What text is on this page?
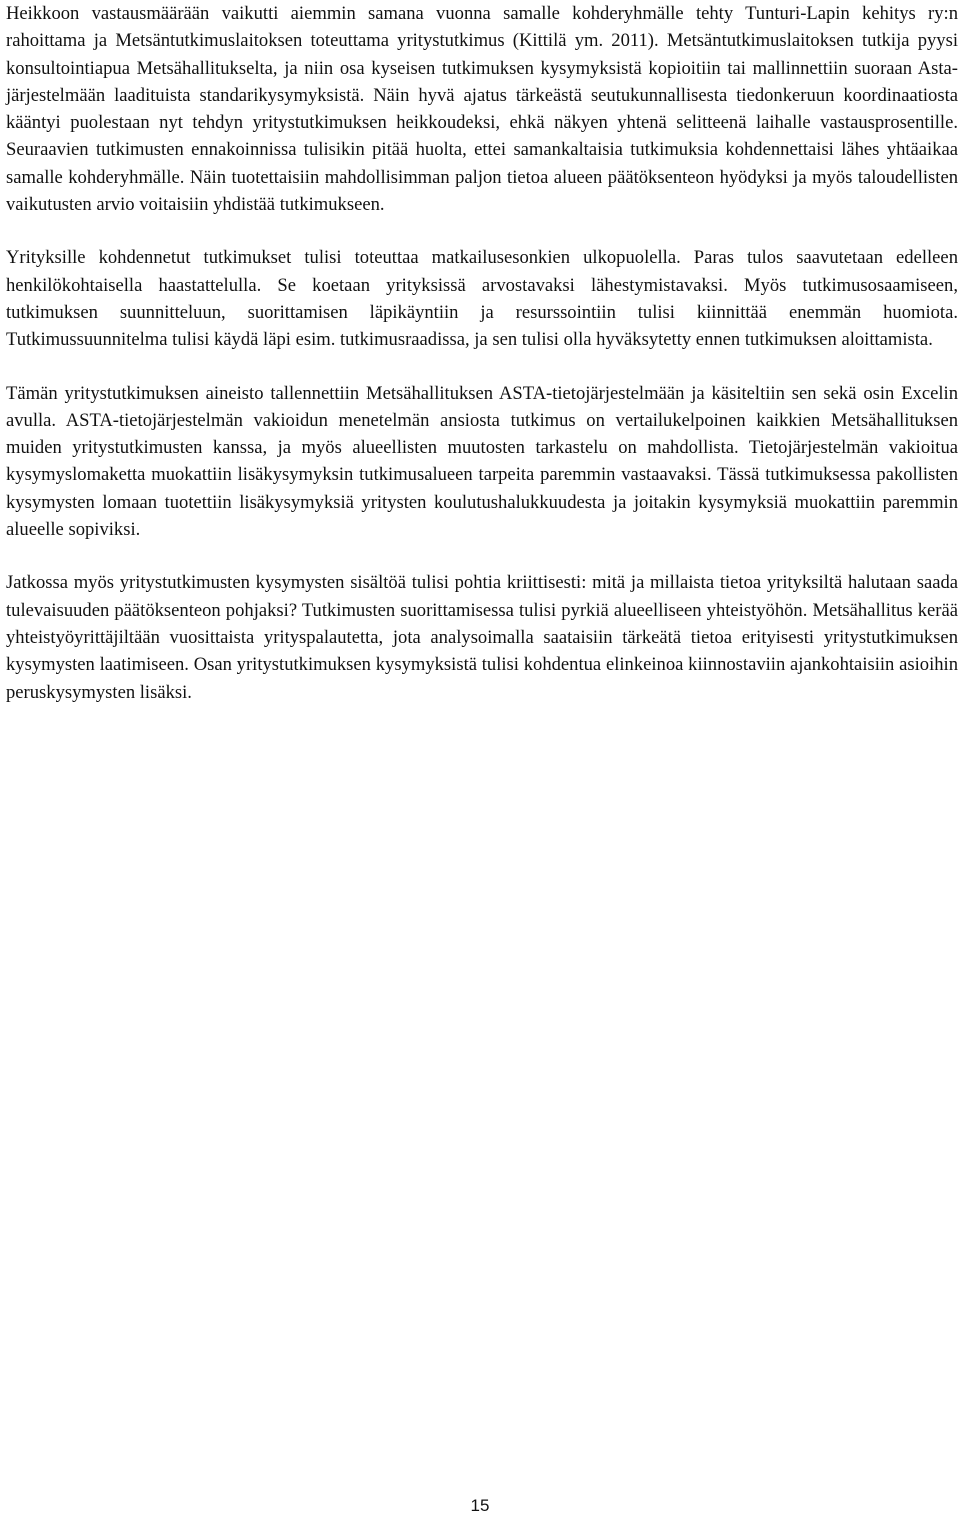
Heikkoon vastausmäärään vaikutti aiemmin samana vuonna samalle kohderyhmälle tehty Tunturi-Lapin kehitys ry:n rahoittama ja Metsäntutkimuslaitoksen toteuttama yritystutkimus (Kittilä ym. 2011). Metsäntutkimuslaitoksen tutkija pyysi konsultointiapua Metsähallitukselta, ja niin osa kyseisen tutkimuksen kysymyksistä kopioitiin tai mallinnettiin suoraan Asta-järjestelmään laadituista standarikysymyksistä. Näin hyvä ajatus tärkeästä seutukunnallisesta tiedonkeruun koordinaatiosta kääntyi puolestaan nyt tehdyn yritystutkimuksen heikkoudeksi, ehkä näkyen yhtenä selitteenä laihalle vastausprosentille. Seuraavien tutkimusten ennakoinnissa tulisikin pitää huolta, ettei samankaltaisia tutkimuksia kohdennettaisi lähes yhtäaikaa samalle kohderyhmälle. Näin tuotettaisiin mahdollisimman paljon tietoa alueen päätöksenteon hyödyksi ja myös taloudellisten vaikutusten arvio voitaisiin yhdistää tutkimukseen.

Yrityksille kohdennetut tutkimukset tulisi toteuttaa matkailusesonkien ulkopuolella. Paras tulos saavutetaan edelleen henkilökohtaisella haastattelulla. Se koetaan yrityksissä arvostavaksi lähestymistavaksi. Myös tutkimusosaamiseen, tutkimuksen suunnitteluun, suorittamisen läpikäyntiin ja resurssointiin tulisi kiinnittää enemmän huomiota. Tutkimussuunnitelma tulisi käydä läpi esim. tutkimusraadissa, ja sen tulisi olla hyväksytetty ennen tutkimuksen aloittamista.

Tämän yritystutkimuksen aineisto tallennettiin Metsähallituksen ASTA-tietojärjestelmään ja käsiteltiin sen sekä osin Excelin avulla. ASTA-tietojärjestelmän vakioidun menetelmän ansiosta tutkimus on vertailukelpoinen kaikkien Metsähallituksen muiden yritystutkimusten kanssa, ja myös alueellisten muutosten tarkastelu on mahdollista. Tietojärjestelmän vakioitua kysymyslomaketta muokattiin lisäkysymyksin tutkimusalueen tarpeita paremmin vastaavaksi. Tässä tutkimuksessa pakollisten kysymysten lomaan tuotettiin lisäkysymyksiä yritysten koulutushalukkuudesta ja joitakin kysymyksiä muokattiin paremmin alueelle sopiviksi.

Jatkossa myös yritystutkimusten kysymysten sisältöä tulisi pohtia kriittisesti: mitä ja millaista tietoa yrityksiltä halutaan saada tulevaisuuden päätöksenteon pohjaksi? Tutkimusten suorittamisessa tulisi pyrkiä alueelliseen yhteistyöhön. Metsähallitus kerää yhteistyöyrittäjiltään vuosittaista yrityspalautetta, jota analysoimalla saataisiin tärkeätä tietoa erityisesti yritystutkimuksen kysymysten laatimiseen. Osan yritystutkimuksen kysymyksistä tulisi kohdentua elinkeinoa kiinnostaviin ajankohtaisiin asioihin peruskysymysten lisäksi.

15
